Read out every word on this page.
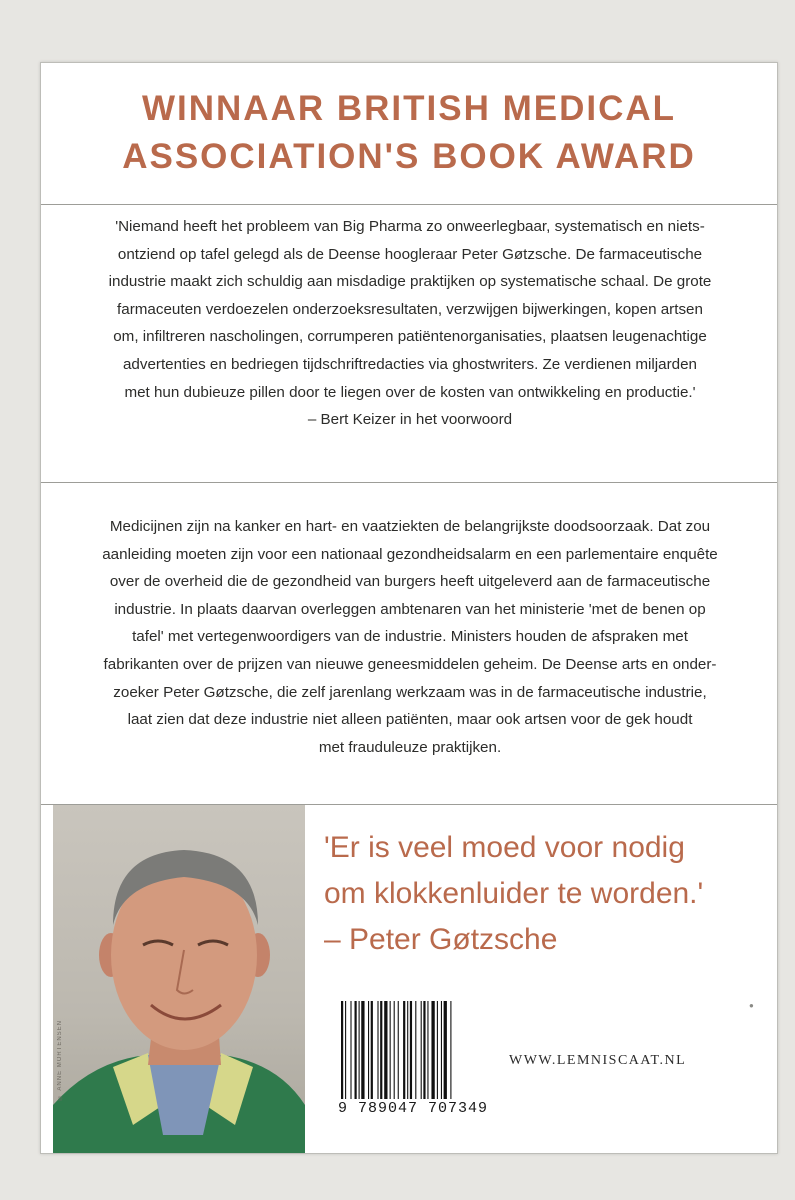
WINNAAR BRITISH MEDICAL
ASSOCIATION'S BOOK AWARD

'Niemand heeft het probleem van Big Pharma zo onweerlegbaar, systematisch en niets-

ontziend op tafel gelegd als de Deense hoogleraar Peter Gøtzsche. De farmaceutische

industrie maakt zich schuldig aan misdadige praktijken op systematische schaal. De grote

farmaceuten verdoezelen onderzoeksresultaten, verzwijgen bijwerkingen, kopen artsen

om, infiltreren nascholingen, corrumperen patiëntenorganisaties, plaatsen leugenachtige

advertenties en bedriegen tijdschriftredacties via ghostwriters. Ze verdienen miljarden

met hun dubieuze pillen door te liegen over de kosten van ontwikkeling en productie.'

– Bert Keizer in het voorwoord

Medicijnen zijn na kanker en hart- en vaatziekten de belangrijkste doodsoorzaak. Dat zou

aanleiding moeten zijn voor een nationaal gezondheidsalarm en een parlementaire enquête

over de overheid die de gezondheid van burgers heeft uitgeleverd aan de farmaceutische

industrie. In plaats daarvan overleggen ambtenaren van het ministerie 'met de benen op

tafel' met vertegenwoordigers van de industrie. Ministers houden de afspraken met

fabrikanten over de prijzen van nieuwe geneesmiddelen geheim. De Deense arts en onder-

zoeker Peter Gøtzsche, die zelf jarenlang werkzaam was in de farmaceutische industrie,

laat zien dat deze industrie niet alleen patiënten, maar ook artsen voor de gek houdt

met frauduleuze praktijken.

© ANNE MORTENSEN

'Er is veel moed voor nodig

om klokkenluider te worden.'

– Peter Gøtzsche

9 789047 707349
WWW.LEMNISCAAT.NL
●
